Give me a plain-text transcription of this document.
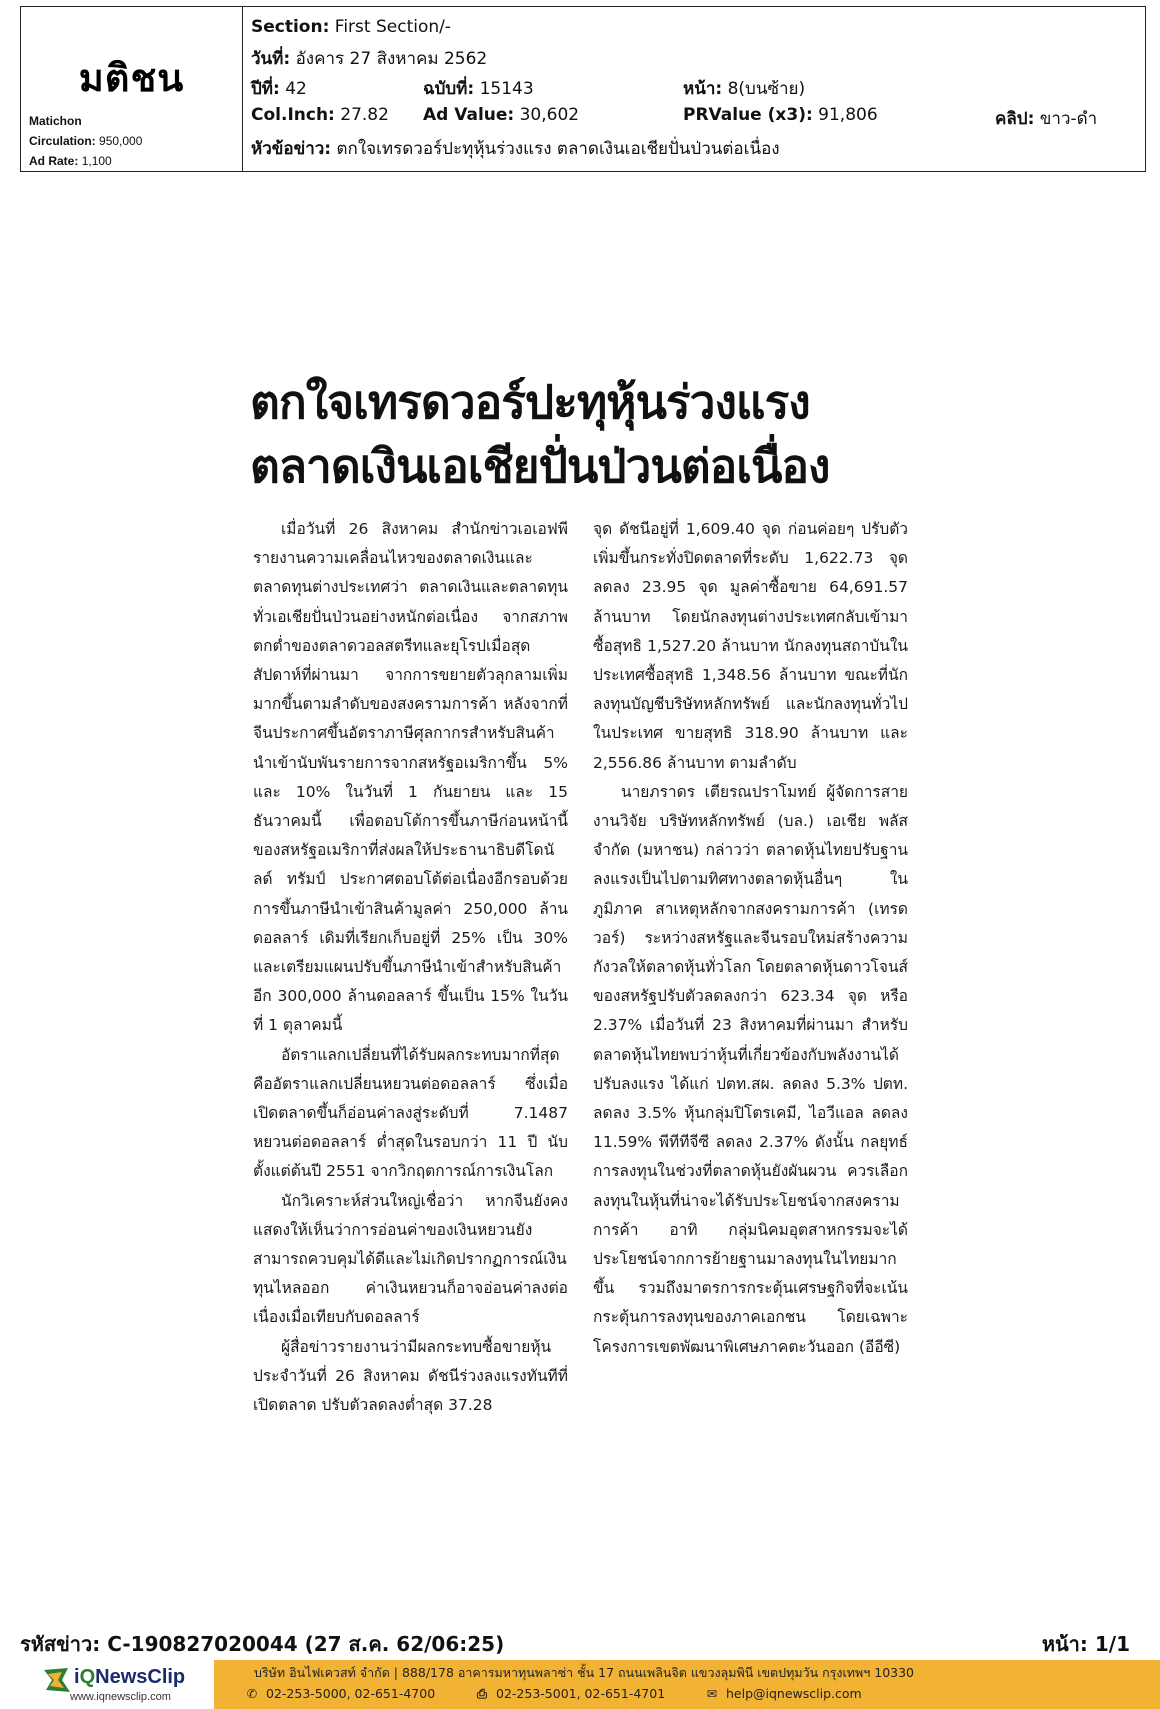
มติชน
Matichon
Circulation: 950,000
Ad Rate: 1,100
Section: First Section/-
วันที่: อังคาร 27 สิงหาคม 2562
ปีที่: 42	ฉบับที่: 15143	หน้า: 8(บนซ้าย)
Col.Inch: 27.82 Ad Value: 30,602	PRValue (x3): 91,806	คลิป: ขาว-ดำ
หัวข้อข่าว: ตกใจเทรดวอร์ปะทุหุ้นร่วงแรง ตลาดเงินเอเชียปั่นป่วนต่อเนื่อง
ตกใจเทรดวอร์ปะทุหุ้นร่วงแรง
ตลาดเงินเอเชียปั่นป่วนต่อเนื่อง

เมื่อวันที่ 26 สิงหาคม สำนักข่าวเอเอฟพีรายงานความเคลื่อนไหวของตลาดเงินและตลาดทุนต่างประเทศว่า ตลาดเงินและตลาดทุนทั่วเอเชียปั่นป่วนอย่างหนักต่อเนื่อง จากสภาพตกต่ำของตลาดวอลสตรีทและยุโรปเมื่อสุดสัปดาห์ที่ผ่านมา จากการขยายตัวลุกลามเพิ่มมากขึ้นตามลำดับของสงครามการค้า หลังจากที่จีนประกาศขึ้นอัตราภาษีศุลกากรสำหรับสินค้านำเข้านับพันรายการจากสหรัฐอเมริกาขึ้น 5% และ 10% ในวันที่ 1 กันยายน และ 15 ธันวาคมนี้ เพื่อตอบโต้การขึ้นภาษีก่อนหน้านี้ของสหรัฐอเมริกาที่ส่งผลให้ประธานาธิบดีโดนัลด์ ทรัมป์ ประกาศตอบโต้ต่อเนื่องอีกรอบด้วยการขึ้นภาษีนำเข้าสินค้ามูลค่า 250,000 ล้านดอลลาร์ เดิมที่เรียกเก็บอยู่ที่ 25% เป็น 30% และเตรียมแผนปรับขึ้นภาษีนำเข้าสำหรับสินค้าอีก 300,000 ล้านดอลลาร์ ขึ้นเป็น 15% ในวันที่ 1 ตุลาคมนี้

อัตราแลกเปลี่ยนที่ได้รับผลกระทบมากที่สุด คืออัตราแลกเปลี่ยนหยวนต่อดอลลาร์ ซึ่งเมื่อเปิดตลาดขึ้นก็อ่อนค่าลงสู่ระดับที่ 7.1487 หยวนต่อดอลลาร์ ต่ำสุดในรอบกว่า 11 ปี นับตั้งแต่ต้นปี 2551 จากวิกฤตการณ์การเงินโลก

นักวิเคราะห์ส่วนใหญ่เชื่อว่า หากจีนยังคงแสดงให้เห็นว่าการอ่อนค่าของเงินหยวนยังสามารถควบคุมได้ดีและไม่เกิดปรากฏการณ์เงินทุนไหลออก ค่าเงินหยวนก็อาจอ่อนค่าลงต่อเนื่องเมื่อเทียบกับดอลลาร์

ผู้สื่อข่าวรายงานว่ามีผลกระทบซื้อขายหุ้นประจำวันที่ 26 สิงหาคม ดัชนีร่วงลงแรงทันทีที่เปิดตลาด ปรับตัวลดลงต่ำสุด 37.28

จุด ดัชนีอยู่ที่ 1,609.40 จุด ก่อนค่อยๆ ปรับตัวเพิ่มขึ้นกระทั่งปิดตลาดที่ระดับ 1,622.73 จุด ลดลง 23.95 จุด มูลค่าซื้อขาย 64,691.57 ล้านบาท โดยนักลงทุนต่างประเทศกลับเข้ามาซื้อสุทธิ 1,527.20 ล้านบาท นักลงทุนสถาบันในประเทศซื้อสุทธิ 1,348.56 ล้านบาท ขณะที่นักลงทุนบัญชีบริษัทหลักทรัพย์ และนักลงทุนทั่วไปในประเทศ ขายสุทธิ 318.90 ล้านบาท และ 2,556.86 ล้านบาท ตามลำดับ

นายภราดร เตียรณปราโมทย์ ผู้จัดการสายงานวิจัย บริษัทหลักทรัพย์ (บล.) เอเชีย พลัส จำกัด (มหาชน) กล่าวว่า ตลาดหุ้นไทยปรับฐานลงแรงเป็นไปตามทิศทางตลาดหุ้นอื่นๆ ในภูมิภาค สาเหตุหลักจากสงครามการค้า (เทรดวอร์) ระหว่างสหรัฐและจีนรอบใหม่สร้างความกังวลให้ตลาดหุ้นทั่วโลก โดยตลาดหุ้นดาวโจนส์ของสหรัฐปรับตัวลดลงกว่า 623.34 จุด หรือ 2.37% เมื่อวันที่ 23 สิงหาคมที่ผ่านมา สำหรับตลาดหุ้นไทยพบว่าหุ้นที่เกี่ยวข้องกับพลังงานได้ปรับลงแรง ได้แก่ ปตท.สผ. ลดลง 5.3% ปตท. ลดลง 3.5% หุ้นกลุ่มปิโตรเคมี, ไอวีแอล ลดลง 11.59% พีทีทีจีซี ลดลง 2.37% ดังนั้น กลยุทธ์การลงทุนในช่วงที่ตลาดหุ้นยังผันผวน ควรเลือกลงทุนในหุ้นที่น่าจะได้รับประโยชน์จากสงครามการค้า อาทิ กลุ่มนิคมอุตสาหกรรมจะได้ประโยชน์จากการย้ายฐานมาลงทุนในไทยมากขึ้น รวมถึงมาตรการกระตุ้นเศรษฐกิจที่จะเน้นกระตุ้นการลงทุนของภาคเอกชน โดยเฉพาะโครงการเขตพัฒนาพิเศษภาคตะวันออก (อีอีซี)

รหัสข่าว: C-190827020044 (27 ส.ค. 62/06:25)	หน้า: 1/1
iQNewsClip
www.iqnewsclip.com
บริษัท อินไฟเควสท์ จำกัด | 888/178 อาคารมหาทุนพลาซ่า ชั้น 17 ถนนเพลินจิต แขวงลุมพินี เขตปทุมวัน กรุงเทพฯ 10330
✆ 02-253-5000, 02-651-4700	⎙ 02-253-5001, 02-651-4701	✉ help@iqnewsclip.com
